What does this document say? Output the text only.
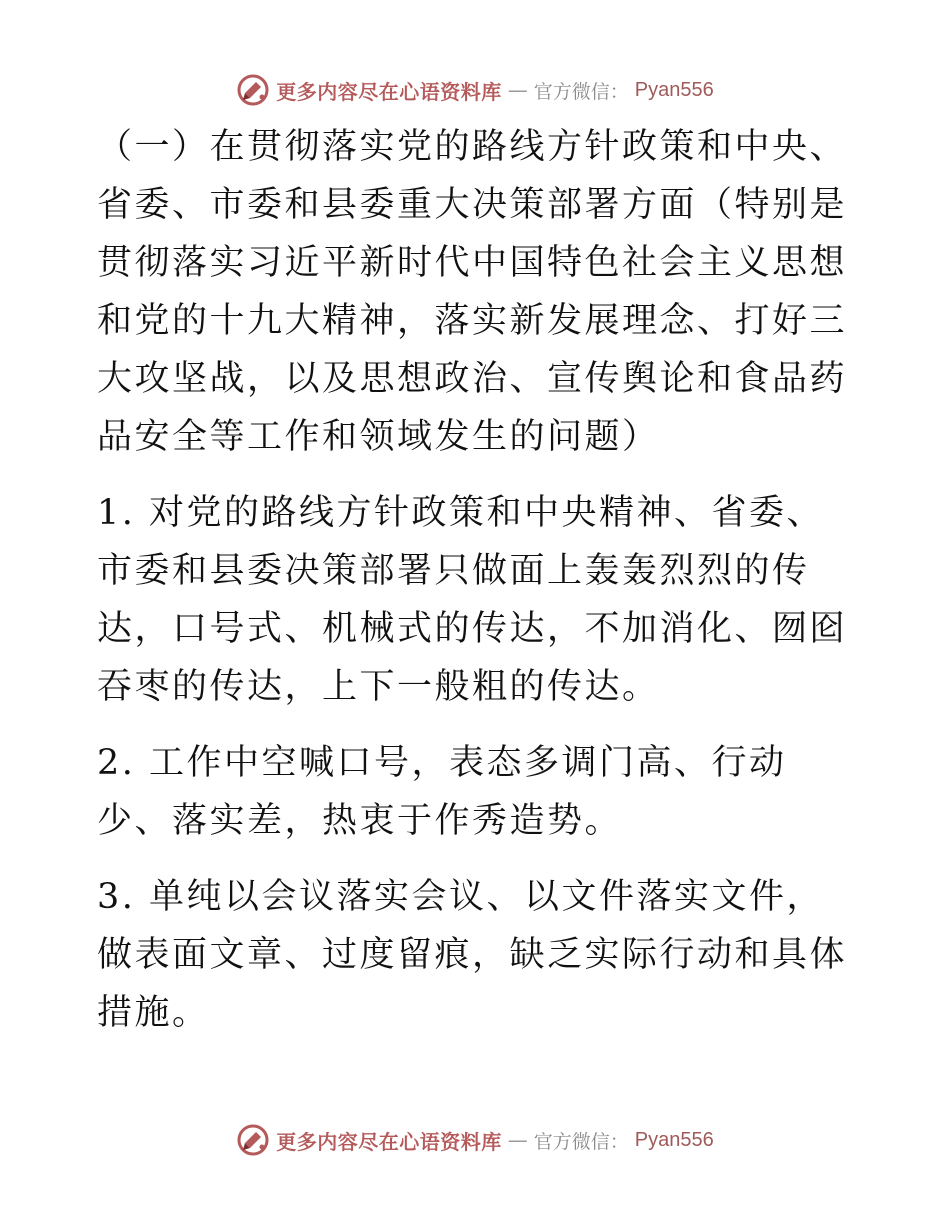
更多内容尽在心语资料库 — 官方微信： Pyan556

（一）在贯彻落实党的路线方针政策和中央、省委、市委和县委重大决策部署方面（特别是贯彻落实习近平新时代中国特色社会主义思想和党的十九大精神，落实新发展理念、打好三大攻坚战，以及思想政治、宣传舆论和食品药品安全等工作和领域发生的问题）

1. 对党的路线方针政策和中央精神、省委、市委和县委决策部署只做面上轰轰烈烈的传达，口号式、机械式的传达，不加消化、囫囵吞枣的传达，上下一般粗的传达。

2. 工作中空喊口号，表态多调门高、行动少、落实差，热衷于作秀造势。

3. 单纯以会议落实会议、以文件落实文件，做表面文章、过度留痕，缺乏实际行动和具体措施。

更多内容尽在心语资料库 — 官方微信： Pyan556
